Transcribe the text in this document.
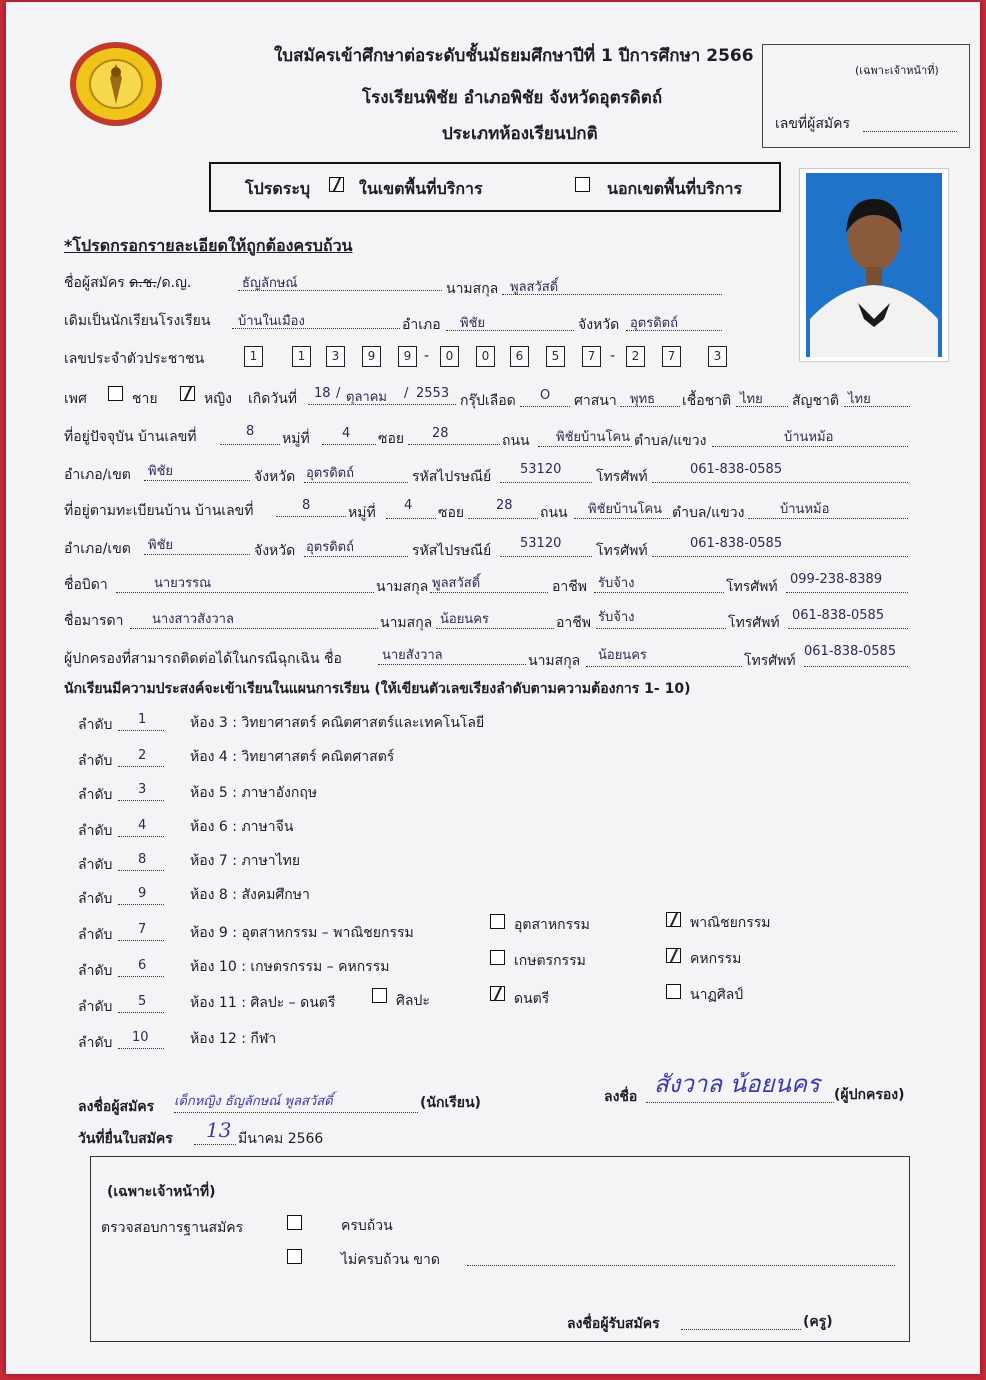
ใบสมัครเข้าศึกษาต่อระดับชั้นมัธยมศึกษาปีที่ 1 ปีการศึกษา 2566
โรงเรียนพิชัย อำเภอพิชัย จังหวัดอุตรดิตถ์
ประเภทห้องเรียนปกติ
(เฉพาะเจ้าหน้าที่)
เลขที่ผู้สมัคร
โปรดระบุ	ในเขตพื้นที่บริการ	นอกเขตพื้นที่บริการ
*โปรดกรอกรายละเอียดให้ถูกต้องครบถ้วน
ชื่อผู้สมัคร ด.ช./ด.ญ.	ธัญลักษณ์	นามสกุล พูลสวัสดิ์
เดิมเป็นนักเรียนโรงเรียน บ้านในเมือง	อำเภอ พิชัย	จังหวัด อุตรดิตถ์
เลขประจำตัวประชาชน	1	1	3	9	9 -	0	0	6	5	7	-	2	7	3
เพศ	ชาย	หญิง เกิดวันที่ 18 / ตุลาคม / 2553 กรุ๊ปเลือด O ศาสนา พุทธ เชื้อชาติ ไทย สัญชาติ ไทย
ที่อยู่ปัจจุบัน บ้านเลขที่	8 หมู่ที่ 4 ซอย 28	ถนน พิชัยบ้านโคน ตำบล/แขวง	บ้านหม้อ
อำเภอ/เขต พิชัย	จังหวัด อุตรดิตถ์	รหัสไปรษณีย์ 53120 โทรศัพท์	061-838-0585
ที่อยู่ตามทะเบียนบ้าน บ้านเลขที่	8	หมู่ที่ 4 ซอย 28 ถนน พิชัยบ้านโคน ตำบล/แขวง	บ้านหม้อ
อำเภอ/เขต พิชัย	จังหวัด อุตรดิตถ์	รหัสไปรษณีย์ 53120 โทรศัพท์	061-838-0585
ชื่อบิดา	นายวรรณ	นามสกุล พูลสวัสดิ์	อาชีพ รับจ้าง	โทรศัพท์ 099-238-8389
ชื่อมารดา นางสาวสังวาล	นามสกุล น้อยนคร	อาชีพ รับจ้าง	โทรศัพท์ 061-838-0585
ผู้ปกครองที่สามารถติดต่อได้ในกรณีฉุกเฉิน ชื่อ	นายสังวาล	นามสกุล น้อยนคร	โทรศัพท์
061-838-0585
นักเรียนมีความประสงค์จะเข้าเรียนในแผนการเรียน (ให้เขียนตัวเลขเรียงลำดับตามความต้องการ 1- 10)
ลำดับ 1	ห้อง 3 : วิทยาศาสตร์ คณิตศาสตร์และเทคโนโลยี
ลำดับ 2	ห้อง 4 : วิทยาศาสตร์ คณิตศาสตร์
ลำดับ 3	ห้อง 5 : ภาษาอังกฤษ
ลำดับ 4	ห้อง 6 : ภาษาจีน
ลำดับ 8	ห้อง 7 : ภาษาไทย
ลำดับ 9	ห้อง 8 : สังคมศึกษา
ลำดับ 7	ห้อง 9 : อุตสาหกรรม – พาณิชยกรรม	อุตสาหกรรม	พาณิชยกรรม
ลำดับ 6	ห้อง 10 : เกษตรกรรม – คหกรรม	เกษตรกรรม	คหกรรม
ลำดับ 5	ห้อง 11 : ศิลปะ – ดนตรี	ศิลปะ	ดนตรี	นาฏศิลป์
ลำดับ 10	ห้อง 12 : กีฬา
ลงชื่อผู้สมัคร เด็กหญิง ธัญลักษณ์ พูลสวัสดิ์	(นักเรียน)	ลงชื่อ สังวาล น้อยนคร (ผู้ปกครอง)
วันที่ยื่นใบสมัคร 13 มีนาคม 2566
(เฉพาะเจ้าหน้าที่)
ตรวจสอบการฐานสมัคร	ครบถ้วน
ไม่ครบถ้วน ขาด
ลงชื่อผู้รับสมัคร	(ครู)
